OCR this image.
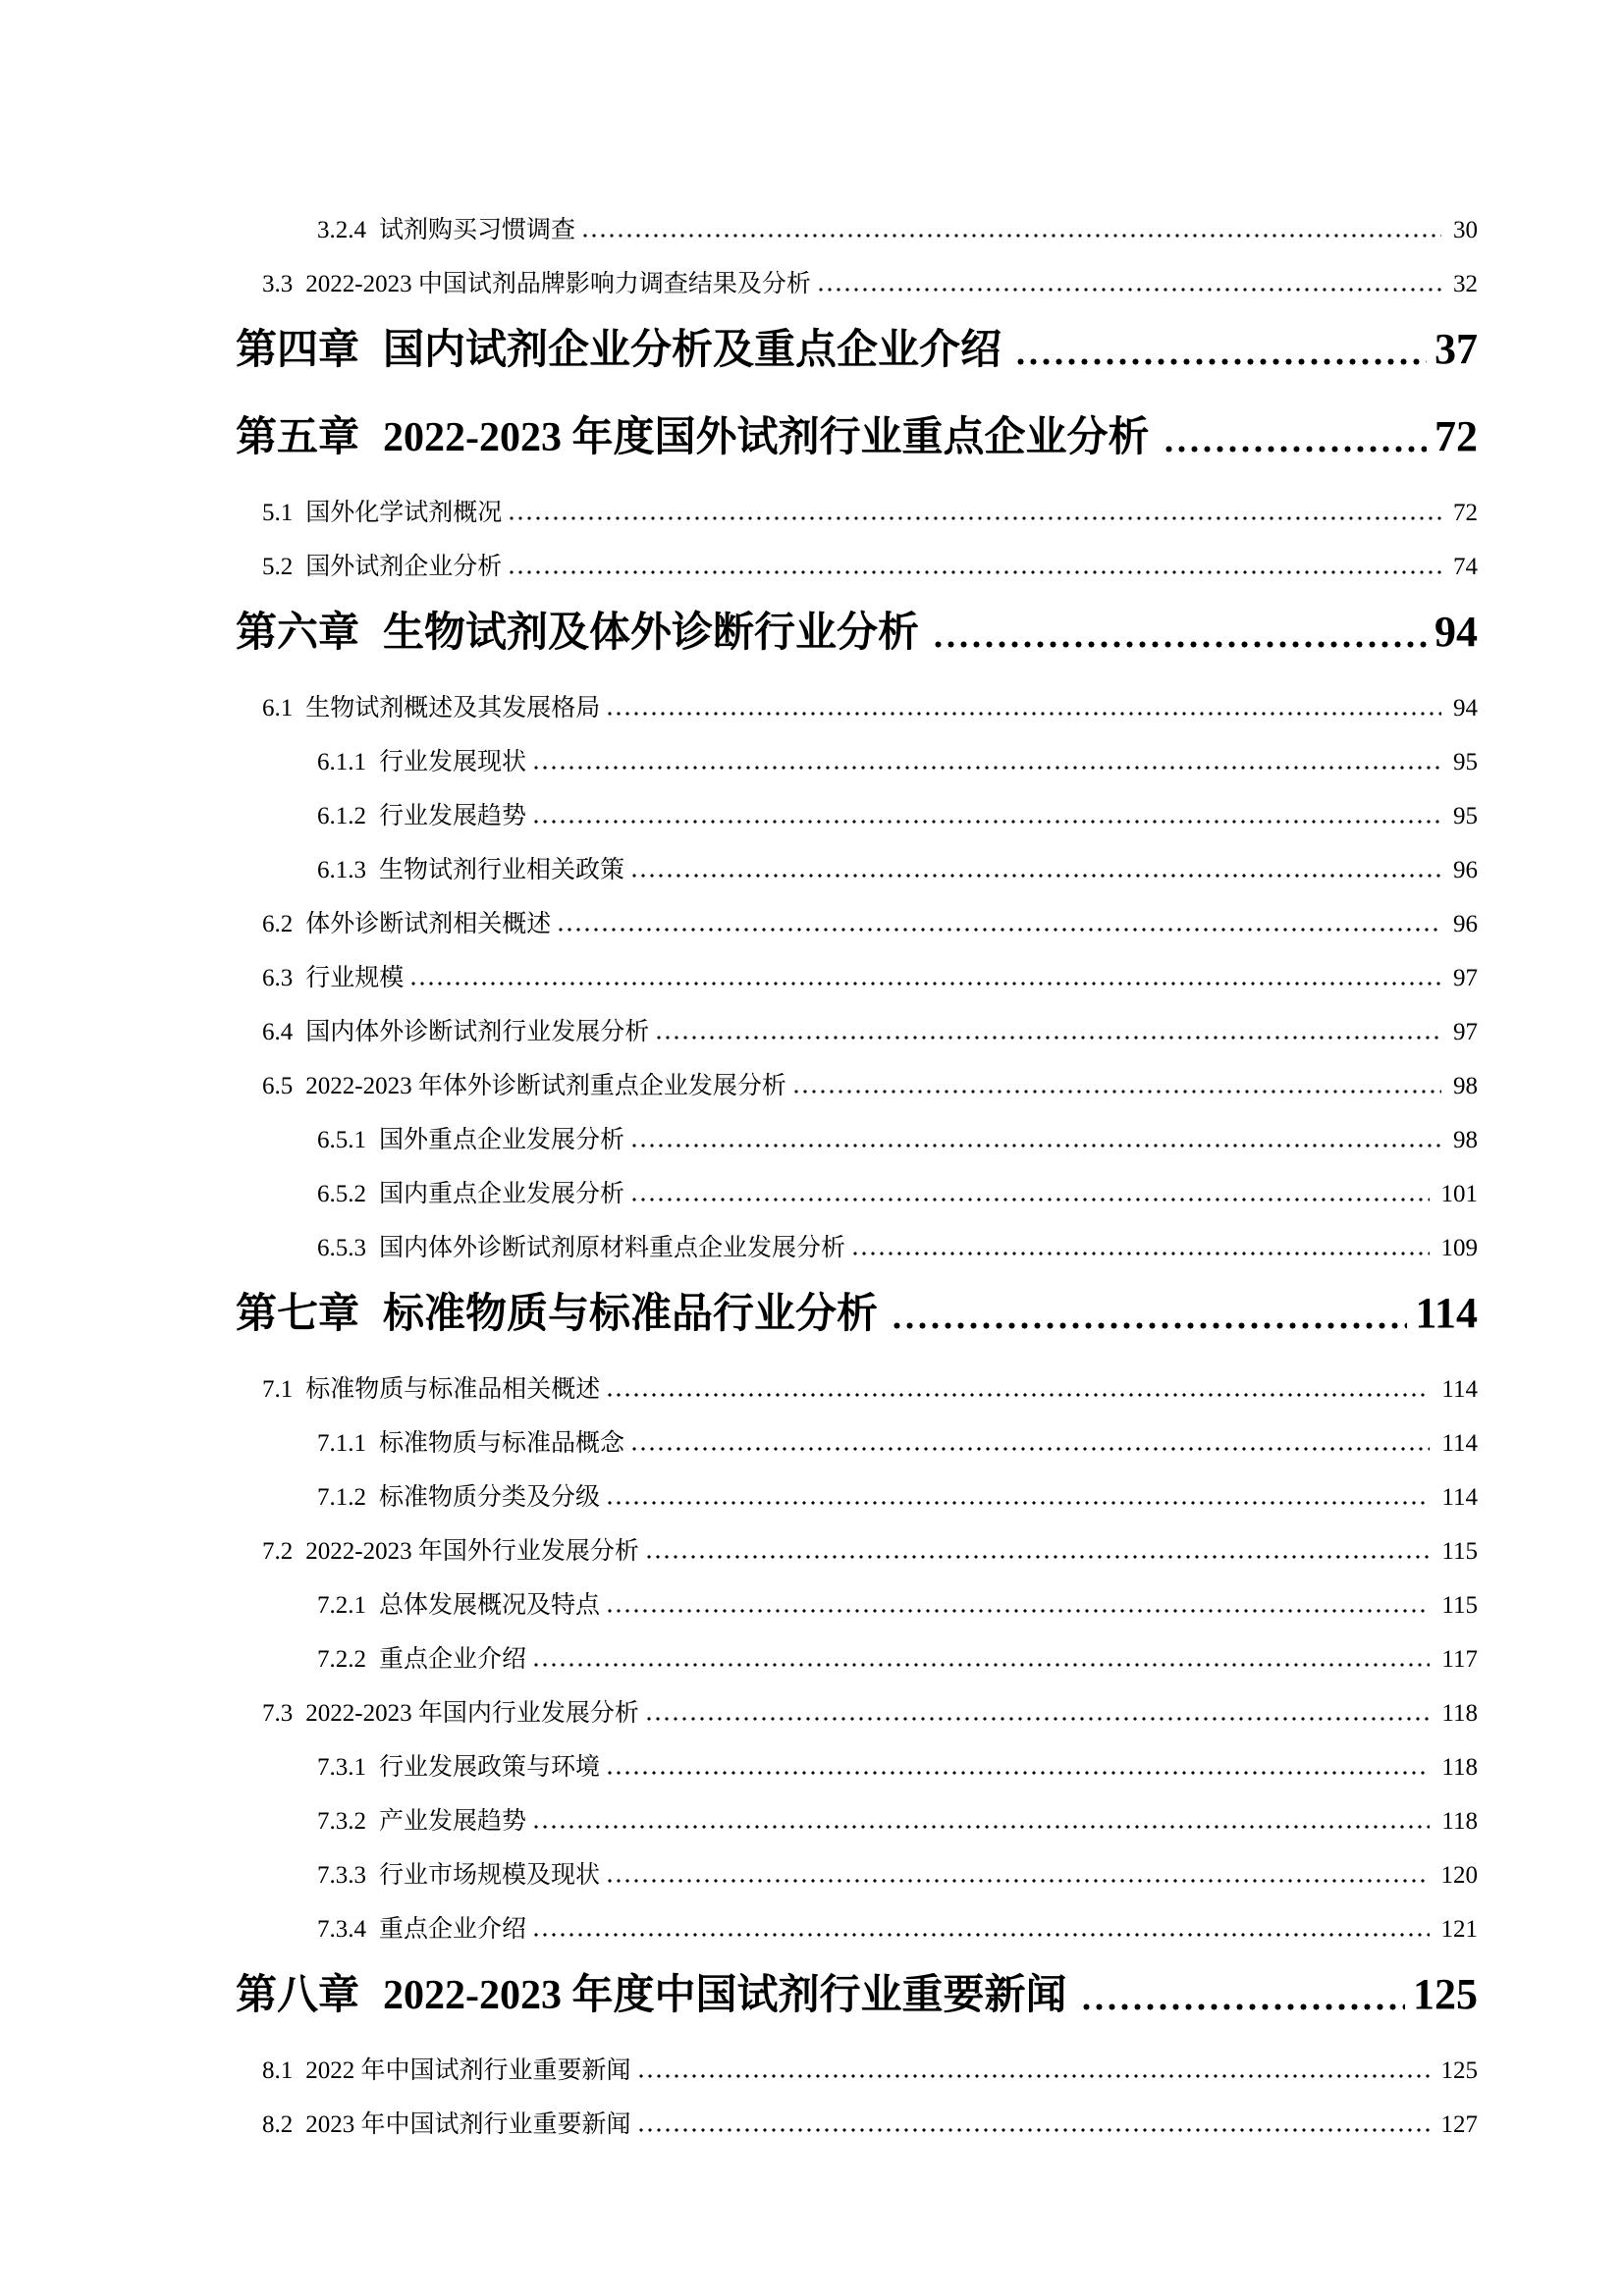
3.2.4 试剂购买习惯调查	30
3.3 2022-2023 中国试剂品牌影响力调查结果及分析	32
第四章 国内试剂企业分析及重点企业介绍	37
第五章 2022-2023 年度国外试剂行业重点企业分析	72
5.1 国外化学试剂概况	72
5.2 国外试剂企业分析	74
第六章 生物试剂及体外诊断行业分析	94
6.1 生物试剂概述及其发展格局	94
6.1.1 行业发展现状	95
6.1.2 行业发展趋势	95
6.1.3 生物试剂行业相关政策	96
6.2 体外诊断试剂相关概述	96
6.3 行业规模	97
6.4 国内体外诊断试剂行业发展分析	97
6.5 2022-2023 年体外诊断试剂重点企业发展分析	98
6.5.1 国外重点企业发展分析	98
6.5.2 国内重点企业发展分析	101
6.5.3 国内体外诊断试剂原材料重点企业发展分析	109
第七章 标准物质与标准品行业分析	114
7.1 标准物质与标准品相关概述	114
7.1.1 标准物质与标准品概念	114
7.1.2 标准物质分类及分级	114
7.2 2022-2023 年国外行业发展分析	115
7.2.1 总体发展概况及特点	115
7.2.2 重点企业介绍	117
7.3 2022-2023 年国内行业发展分析	118
7.3.1 行业发展政策与环境	118
7.3.2 产业发展趋势	118
7.3.3 行业市场规模及现状	120
7.3.4 重点企业介绍	121
第八章 2022-2023 年度中国试剂行业重要新闻	125
8.1 2022 年中国试剂行业重要新闻	125
8.2 2023 年中国试剂行业重要新闻	127
